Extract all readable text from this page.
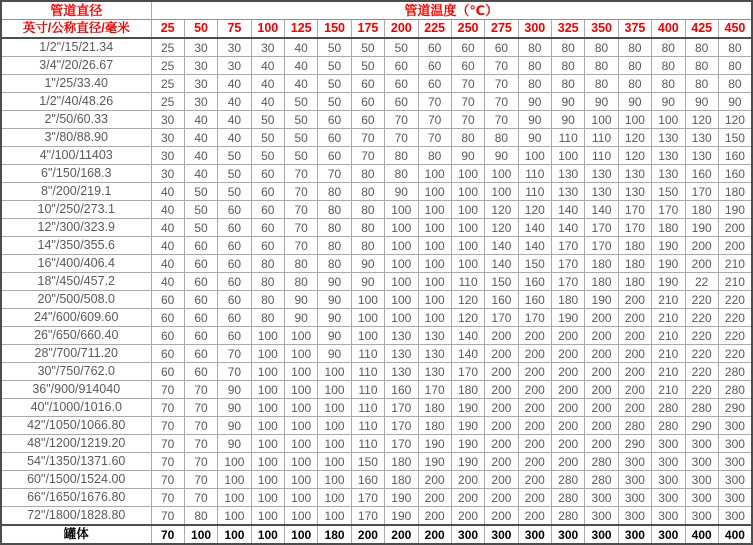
管道直径	管道温度（℃）																	
英寸/公称直径/毫米	25	50	75	100	125	150	175	200	225	250	275	300	325	350	375	400	425	450
1/2"/15/21.34	25	30	30	30	40	50	50	50	60	60	60	80	80	80	80	80	80	80
3/4"/20/26.67	25	30	30	40	40	50	50	60	60	60	70	80	80	80	80	80	80	80
1"/25/33.40	25	30	40	40	40	50	60	60	60	70	70	80	80	80	80	80	80	80
1/2"/40/48.26	25	30	40	40	50	50	60	60	70	70	70	90	90	90	90	90	90	90
2"/50/60.33	30	40	40	50	50	60	60	70	70	70	70	90	90	100	100	100	120	120
3"/80/88.90	30	40	40	50	50	60	70	70	70	80	80	90	110	110	120	130	130	150
4"/100/11403	30	40	50	50	50	60	70	80	80	90	90	100	100	110	120	130	130	160
6"/150/168.3	30	40	50	60	70	70	80	80	100	100	100	110	130	130	130	130	160	160
8"/200/219.1	40	50	50	60	70	80	80	90	100	100	100	110	130	130	130	150	170	180
10"/250/273.1	40	50	60	60	70	80	80	100	100	100	120	120	140	140	170	170	180	190
12"/300/323.9	40	50	60	60	70	80	80	100	100	100	120	140	140	170	170	180	190	200
14"/350/355.6	40	60	60	60	70	80	80	100	100	100	140	140	170	170	180	190	200	200
16"/400/406.4	40	60	60	80	80	80	90	100	100	100	140	150	170	180	180	190	200	210
18"/450/457.2	40	60	60	80	80	90	90	100	100	110	150	160	170	180	180	190	22	210
20"/500/508.0	60	60	60	80	90	90	100	100	100	120	160	160	180	190	200	210	220	220
24"/600/609.60	60	60	60	80	90	90	100	100	100	120	170	170	190	200	200	210	220	220
26"/650/660.40	60	60	60	100	100	90	100	130	130	140	200	200	200	200	200	210	220	220
28"/700/711.20	60	60	70	100	100	90	110	130	130	140	200	200	200	200	200	210	220	220
30"/750/762.0	60	60	70	100	100	100	110	130	130	170	200	200	200	200	200	210	220	280
36"/900/914040	70	70	90	100	100	100	110	160	170	180	200	200	200	200	200	210	220	280
40"/1000/1016.0	70	70	90	100	100	100	110	170	180	190	200	200	200	200	200	280	280	290
42"/1050/1066.80	70	70	90	100	100	100	110	170	180	190	200	200	200	200	280	280	290	300
48"/1200/1219.20	70	70	90	100	100	100	110	170	190	190	200	200	200	200	290	300	300	300
54"/1350/1371.60	70	70	100	100	100	100	150	180	190	190	200	200	200	280	300	300	300	300
60"/1500/1524.00	70	70	100	100	100	100	160	180	200	200	200	200	280	280	300	300	300	300
66"/1650/1676.80	70	70	100	100	100	100	170	190	200	200	200	200	280	300	300	300	300	300
72"/1800/1828.80	70	80	100	100	100	100	170	190	200	200	200	200	280	300	300	300	300	300
罐体	70	100	100	100	100	180	200	200	200	300	300	300	300	300	300	300	400	400
